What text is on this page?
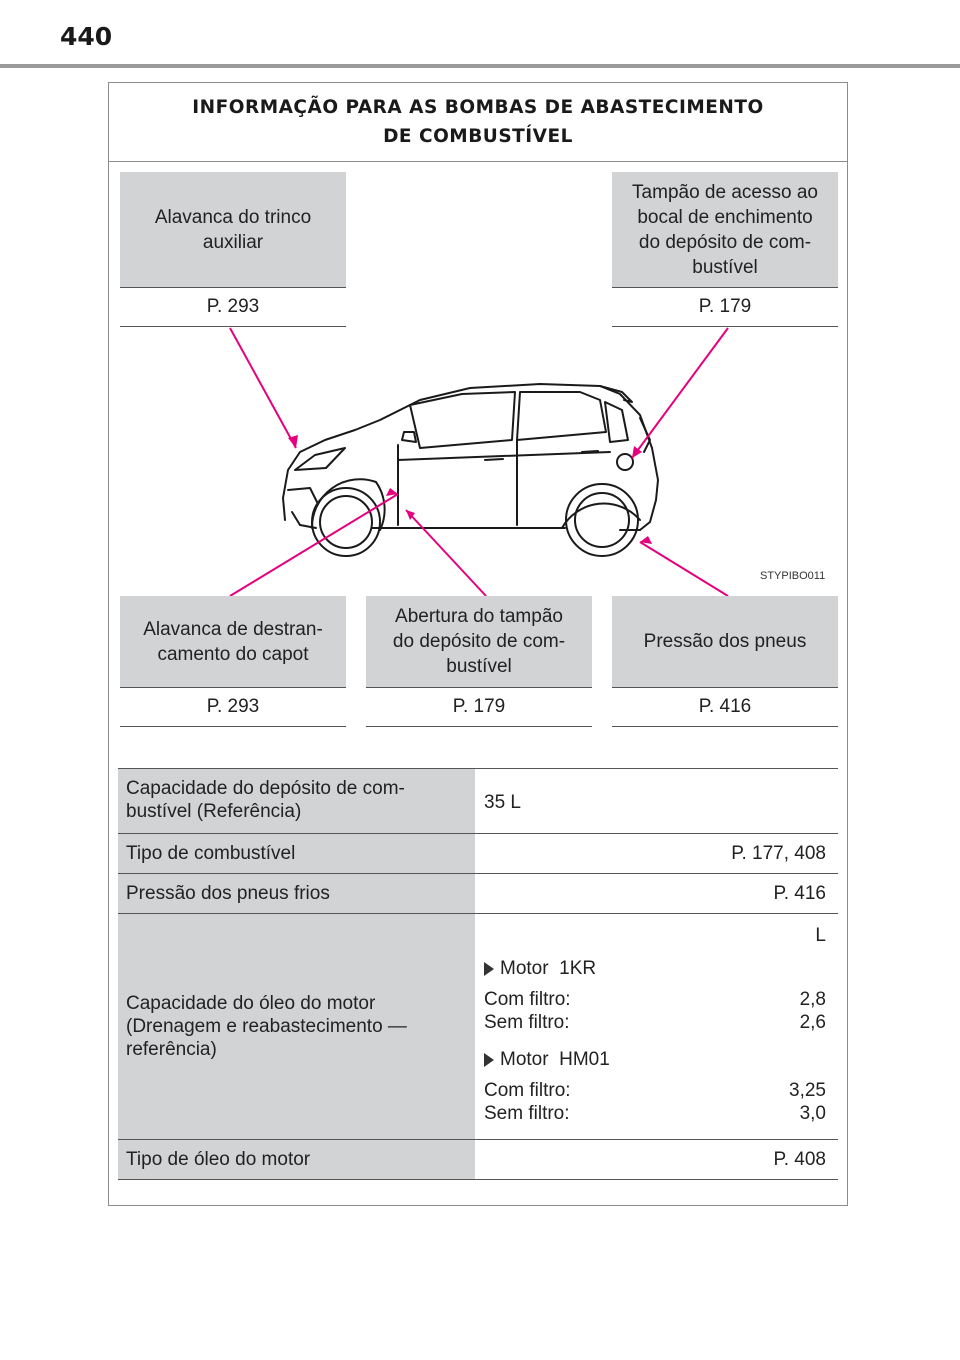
440
INFORMAÇÃO PARA AS BOMBAS DE ABASTECIMENTO
DE COMBUSTÍVEL
Alavanca do trinco
auxiliar
P. 293
Tampão de acesso ao
bocal de enchimento
do depósito de com-
bustível
P. 179
STYPIBO011
Alavanca de destran-
camento do capot
P. 293
Abertura do tampão
do depósito de com-
bustível
P. 179
Pressão dos pneus
P. 416
Capacidade do depósito de com-
bustível (Referência)	35 L
Tipo de combustível	P. 177, 408
Pressão dos pneus frios	P. 416
Capacidade do óleo do motor
(Drenagem e reabastecimento —
referência)
L
Motor  1KR
Com filtro:	2,8
Sem filtro:	2,6
Motor  HM01
Com filtro:	3,25
Sem filtro:	3,0
Tipo de óleo do motor	P. 408
